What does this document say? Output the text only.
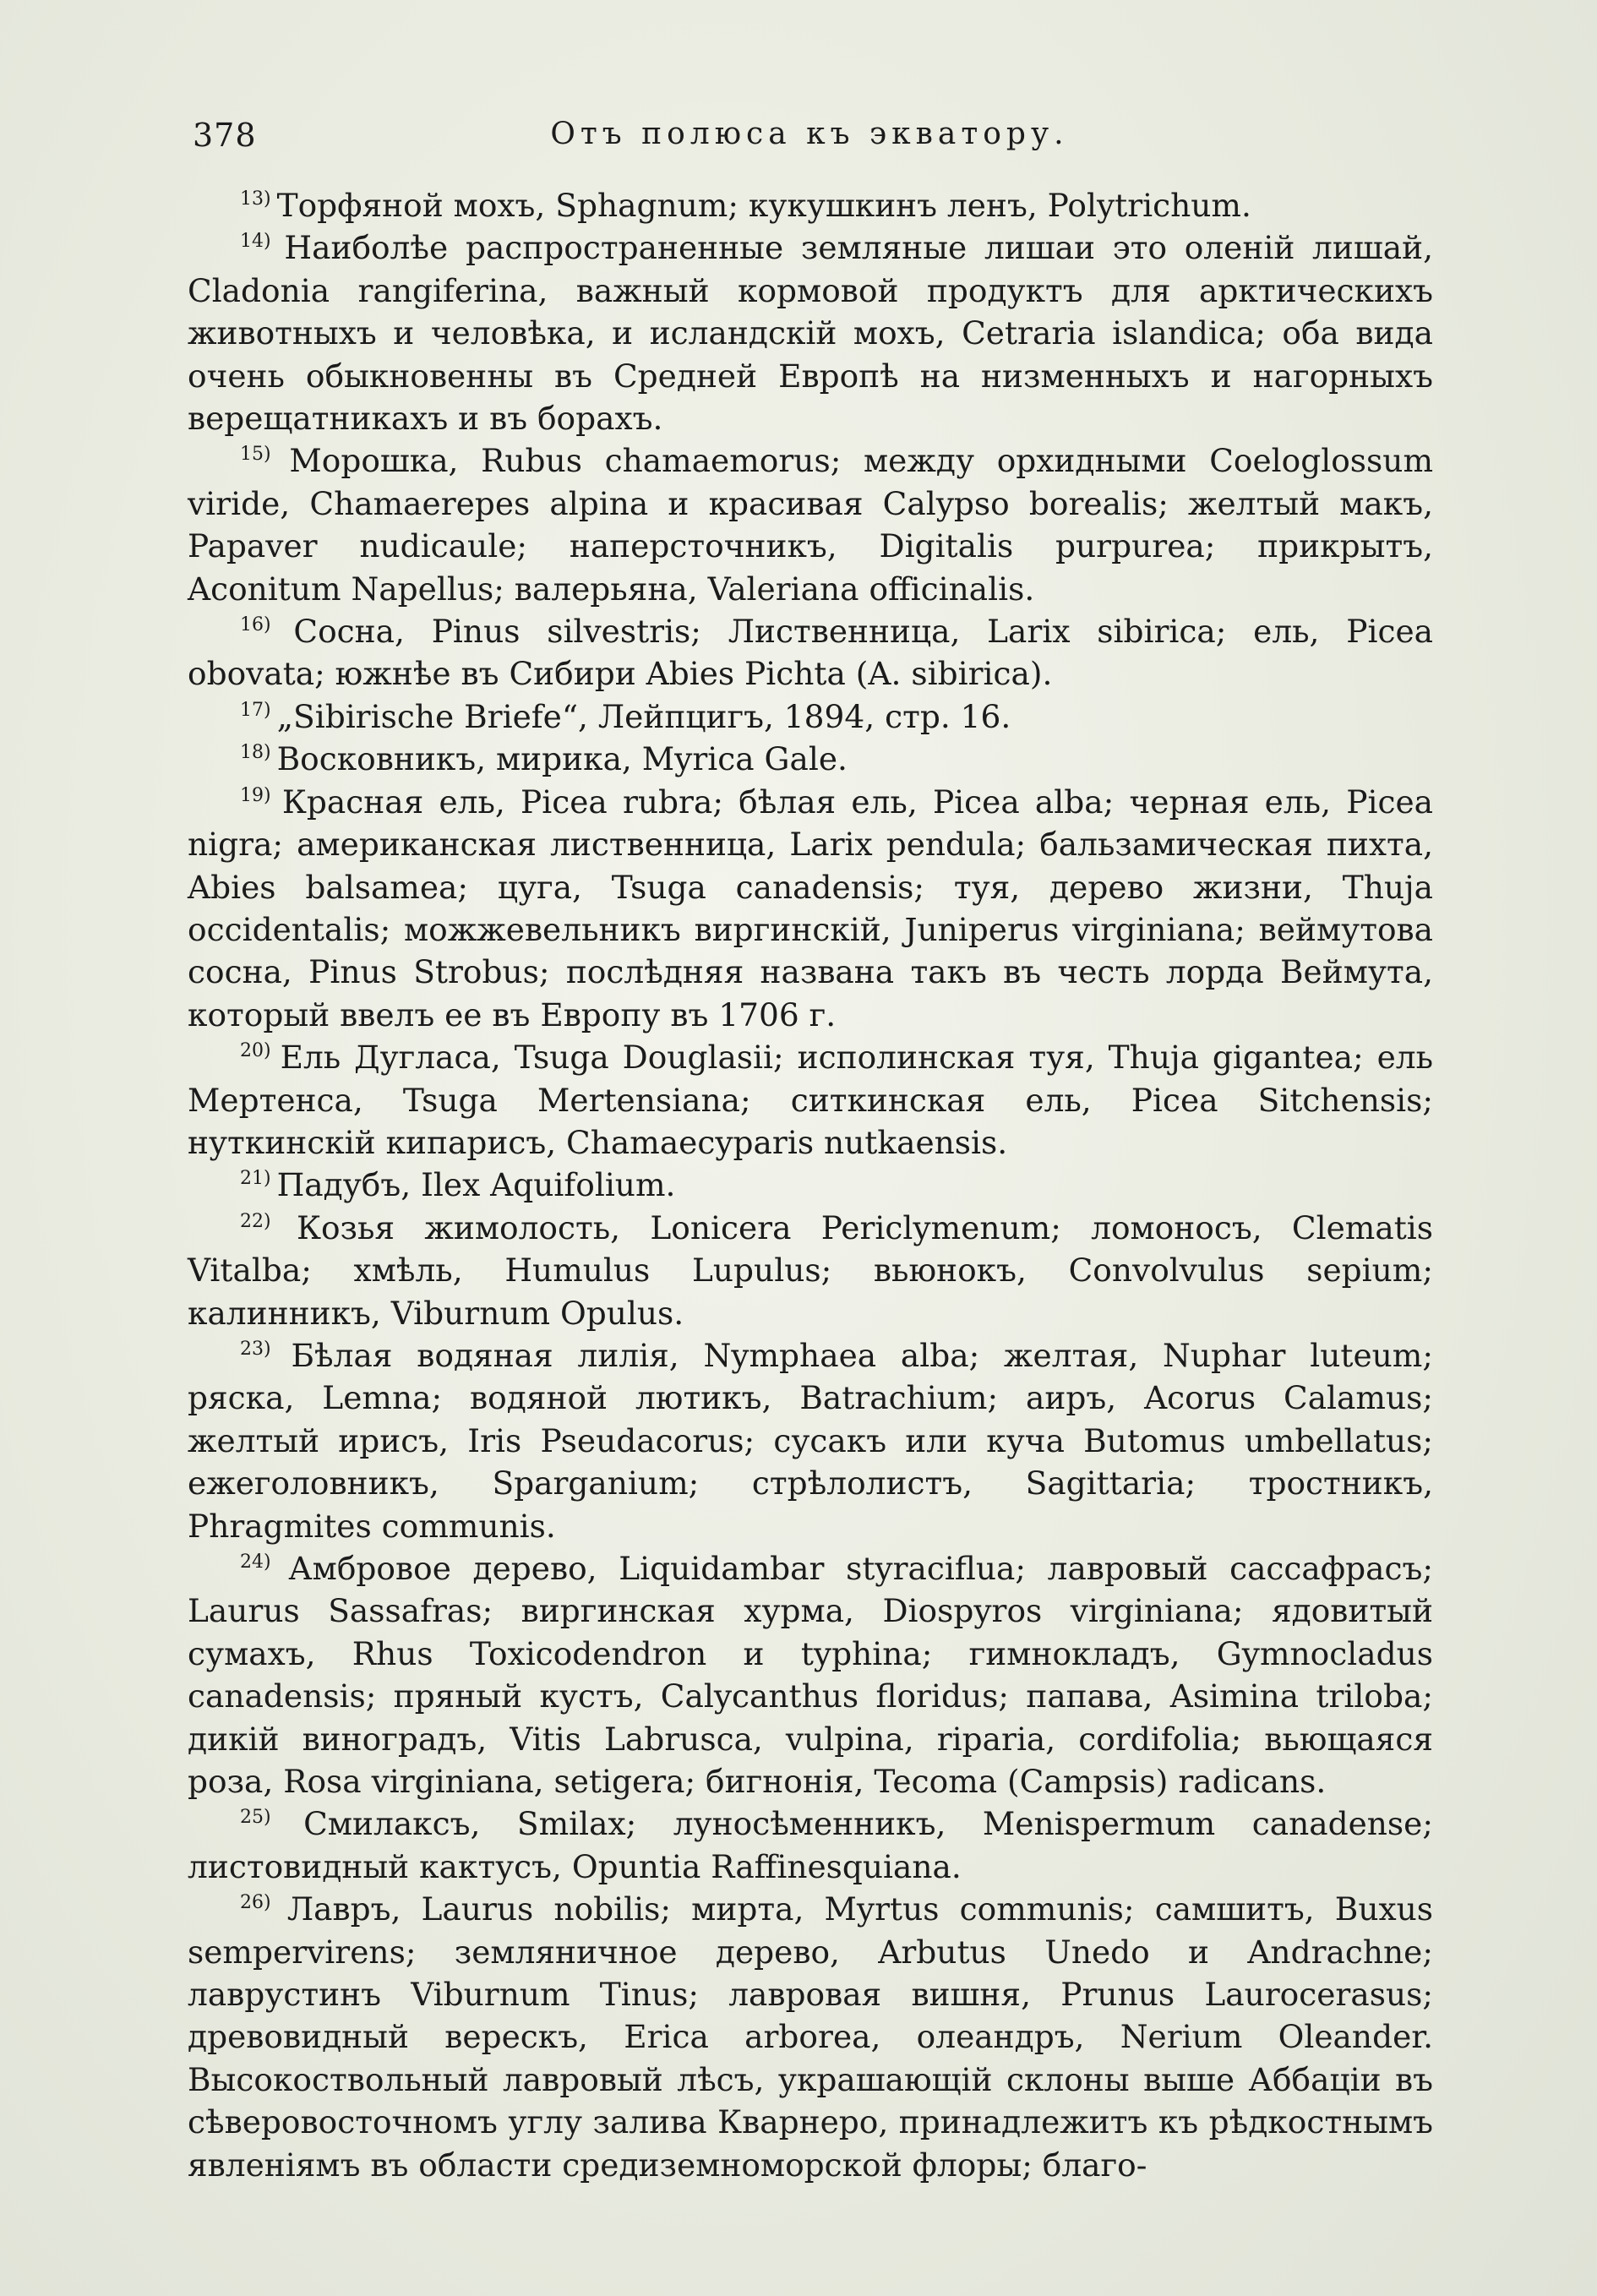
378	Отъ полюса къ экватору.

$^{13}$ ) Торфяной мохъ, Sphagnum; кукушкинъ ленъ, Polytrichum.

$^{14}$ ) Наиболѣе распространенные земляные лишаи это оленій лишай, Cladonia rangiferina, важный кормовой продуктъ для арктическихъ животныхъ и человѣка, и исландскій мохъ, Cetraria islandica; оба вида очень обыкновенны въ Средней Европѣ на низменныхъ и нагорныхъ верещатникахъ и въ борахъ.

$^{15}$ ) Морошка, Rubus chamaemorus; между орхидными Coeloglossum viride, Chamaerepes alpina и красивая Calypso borealis; желтый макъ, Papaver nudicaule; наперсточникъ, Digitalis purpurea; прикрытъ, Aconitum Napellus; валерьяна, Valeriana officinalis.

$^{16}$ ) Сосна, Pinus silvestris; Лиственница, Larix sibirica; ель, Picea obovata; южнѣе въ Сибири Abies Pichta (A. sibirica).

$^{17}$ ) „Sibirische Briefe“, Лейпцигъ, 1894, стр. 16.

$^{18}$ ) Восковникъ, мирика, Myrica Gale.

$^{19}$ ) Красная ель, Picea rubra; бѣлая ель, Picea alba; черная ель, Picea nigra; американская лиственница, Larix pendula; бальзамическая пихта, Abies balsamea; цуга, Tsuga canadensis; туя, дерево жизни, Thuja occidentalis; можжевельникъ виргинскій, Juniperus virginiana; веймутова сосна, Pinus Strobus; послѣдняя названа такъ въ честь лорда Веймута, который ввелъ ее въ Европу въ 1706 г.

$^{20}$ ) Ель Дугласа, Tsuga Douglasii; исполинская туя, Thuja gigantea; ель Мертенса, Tsuga Mertensiana; ситкинская ель, Picea Sitchensis; нуткинскій кипарисъ, Chamaecyparis nutkaensis.

$^{21}$ ) Падубъ, Ilex Aquifolium.

$^{22}$ ) Козья жимолость, Lonicera Periclymenum; ломоносъ, Clematis Vitalba; хмѣль, Humulus Lupulus; вьюнокъ, Convolvulus sepium; калинникъ, Viburnum Opulus.

$^{23}$ ) Бѣлая водяная лилія, Nymphaea alba; желтая, Nuphar luteum; ряска, Lemna; водяной лютикъ, Batrachium; аиръ, Acorus Calamus; желтый ирисъ, Iris Pseudacorus; сусакъ или куча Butomus umbellatus; ежеголовникъ, Sparganium; стрѣлолистъ, Sagittaria; тростникъ, Phragmites communis.

$^{24}$ ) Амбровое дерево, Liquidambar styraciflua; лавровый сассафрасъ; Laurus Sassafras; виргинская хурма, Diospyros virginiana; ядовитый сумахъ, Rhus Toxicodendron и typhina; гимнокладъ, Gymnocladus canadensis; пряный кустъ, Calycanthus floridus; папава, Asimina triloba; дикій виноградъ, Vitis Labrusca, vulpina, riparia, cordifolia; вьющаяся роза, Rosa virginiana, setigera; бигнонія, Tecoma (Campsis) radicans.

$^{25}$ ) Смилаксъ, Smilax; луносѣменникъ, Menispermum canadense; листовидный кактусъ, Opuntia Raffinesquiana.

$^{26}$ ) Лавръ, Laurus nobilis; мирта, Myrtus communis; самшитъ, Buxus sempervirens; земляничное дерево, Arbutus Unedo и Andrachne; лаврустинъ Viburnum Tinus; лавровая вишня, Prunus Laurocerasus; древовидный верескъ, Erica arborea, олеандръ, Nerium Oleander. Высокоствольный лавровый лѣсъ, украшающій склоны выше Аббаціи въ сѣверовосточномъ углу залива Кварнеро, принадлежитъ къ рѣдкостнымъ явленіямъ въ области средиземноморской флоры; благо-
